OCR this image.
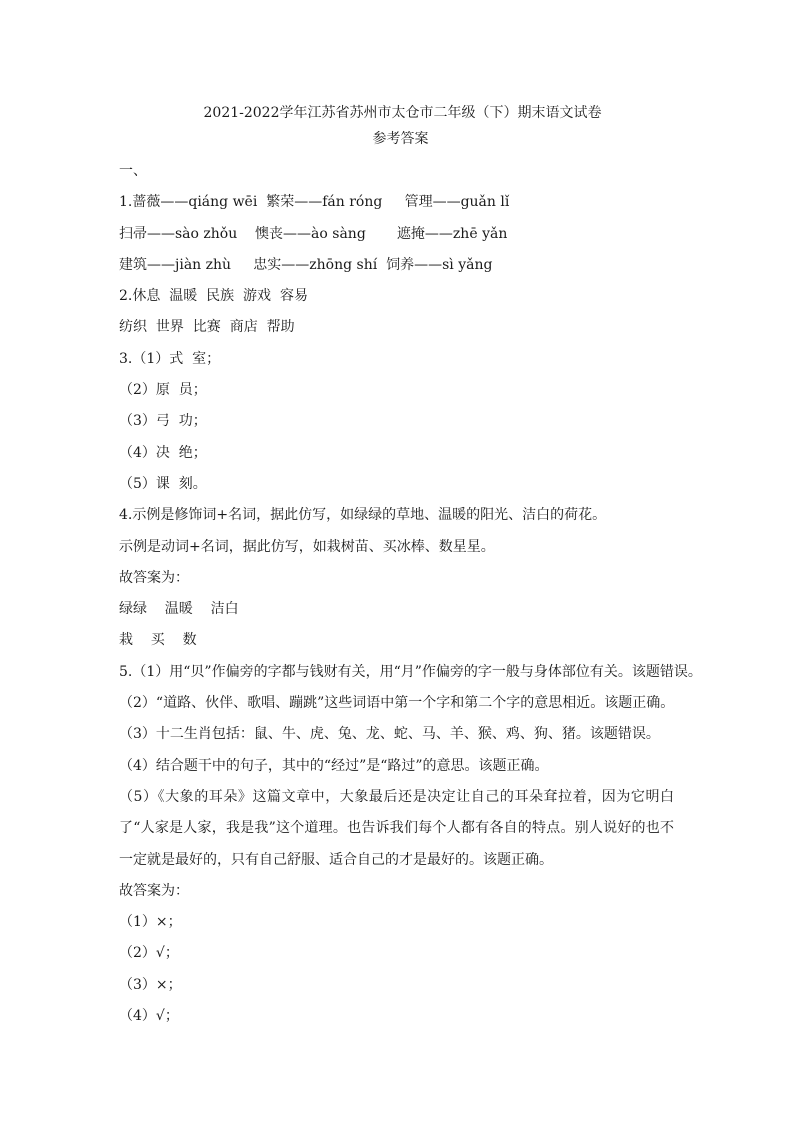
2021-2022学年江苏省苏州市太仓市二年级（下）期末语文试卷
参考答案
一、
1.蔷薇——qiáng wēi  繁荣——fán róng     管理——guǎn lǐ
扫帚——sào zhǒu    懊丧——ào sàng       遮掩——zhē yǎn
建筑——jiàn zhù     忠实——zhōng shí  饲养——sì yǎng
2.休息  温暖  民族  游戏  容易
纺织  世界  比赛  商店  帮助
3.（1）式  室；
（2）原  员；
（3）弓  功；
（4）决  绝；
（5）课  刻。
4.示例是修饰词+名词，据此仿写，如绿绿的草地、温暖的阳光、洁白的荷花。
示例是动词+名词，据此仿写，如栽树苗、买冰棒、数星星。
故答案为：
绿绿    温暖    洁白
栽    买    数
5.（1）用“贝”作偏旁的字都与钱财有关，用“月”作偏旁的字一般与身体部位有关。该题错误。
（2）“道路、伙伴、歌唱、蹦跳”这些词语中第一个字和第二个字的意思相近。该题正确。
（3）十二生肖包括：鼠、牛、虎、兔、龙、蛇、马、羊、猴、鸡、狗、猪。该题错误。
（4）结合题干中的句子，其中的“经过”是“路过”的意思。该题正确。
（5）《大象的耳朵》这篇文章中，大象最后还是决定让自己的耳朵耷拉着，因为它明白了“人家是人家，我是我”这个道理。也告诉我们每个人都有各自的特点。别人说好的也不一定就是最好的，只有自己舒服、适合自己的才是最好的。该题正确。
故答案为：
（1）×；
（2）√；
（3）×；
（4）√；
